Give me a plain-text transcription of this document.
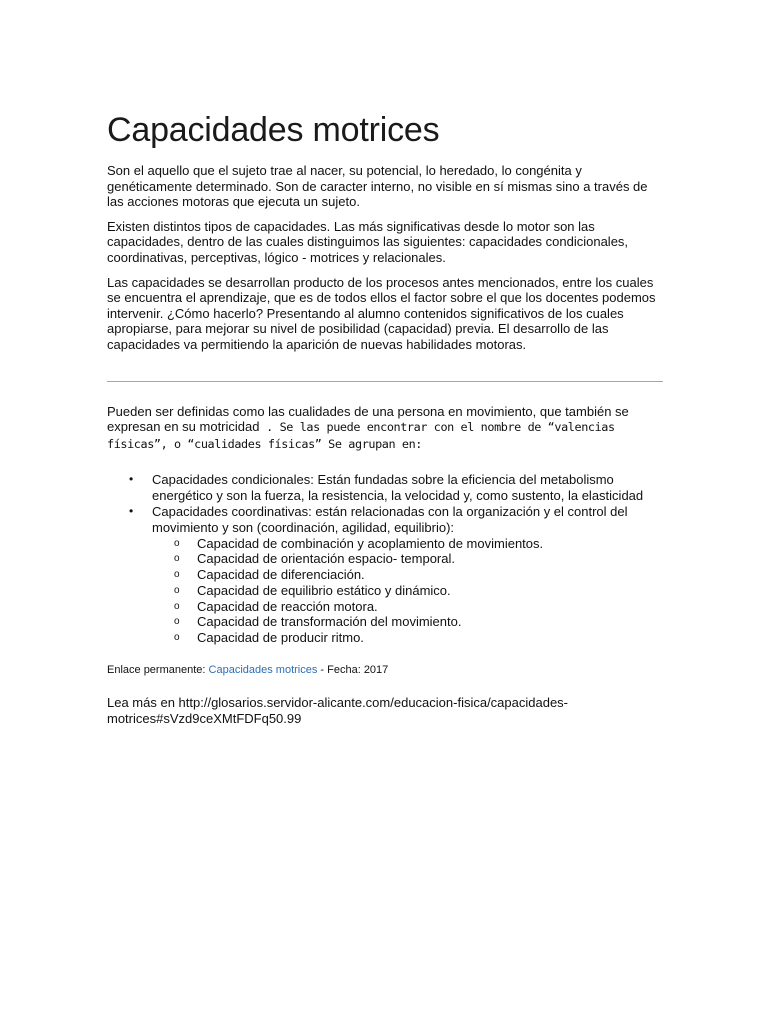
Capacidades motrices

Son el aquello que el sujeto trae al nacer, su potencial, lo heredado, lo congénita y genéticamente determinado. Son de caracter interno, no visible en sí mismas sino a través de las acciones motoras que ejecuta un sujeto.

Existen distintos tipos de capacidades. Las más significativas desde lo motor son las capacidades, dentro de las cuales distinguimos las siguientes: capacidades condicionales, coordinativas, perceptivas, lógico - motrices y relacionales.

Las capacidades se desarrollan producto de los procesos antes mencionados, entre los cuales se encuentra el aprendizaje, que es de todos ellos el factor sobre el que los docentes podemos intervenir. ¿Cómo hacerlo? Presentando al alumno contenidos significativos de los cuales apropiarse, para mejorar su nivel de posibilidad (capacidad) previa. El desarrollo de las capacidades va permitiendo la aparición de nuevas habilidades motoras.

Pueden ser definidas como las cualidades de una persona en movimiento, que también se expresan en su motricidad . Se las puede encontrar con el nombre de “valencias físicas”, o “cualidades físicas” Se agrupan en:

• Capacidades condicionales: Están fundadas sobre la eficiencia del metabolismo energético y son la fuerza, la resistencia, la velocidad y, como sustento, la elasticidad
• Capacidades coordinativas: están relacionadas con la organización y el control del movimiento y son (coordinación, agilidad, equilibrio):
o Capacidad de combinación y acoplamiento de movimientos.
o Capacidad de orientación espacio- temporal.
o Capacidad de diferenciación.
o Capacidad de equilibrio estático y dinámico.
o Capacidad de reacción motora.
o Capacidad de transformación del movimiento.
o Capacidad de producir ritmo.

Enlace permanente: Capacidades motrices - Fecha: 2017

Lea más en http://glosarios.servidor-alicante.com/educacion-fisica/capacidades-motrices#sVzd9ceXMtFDFq50.99
